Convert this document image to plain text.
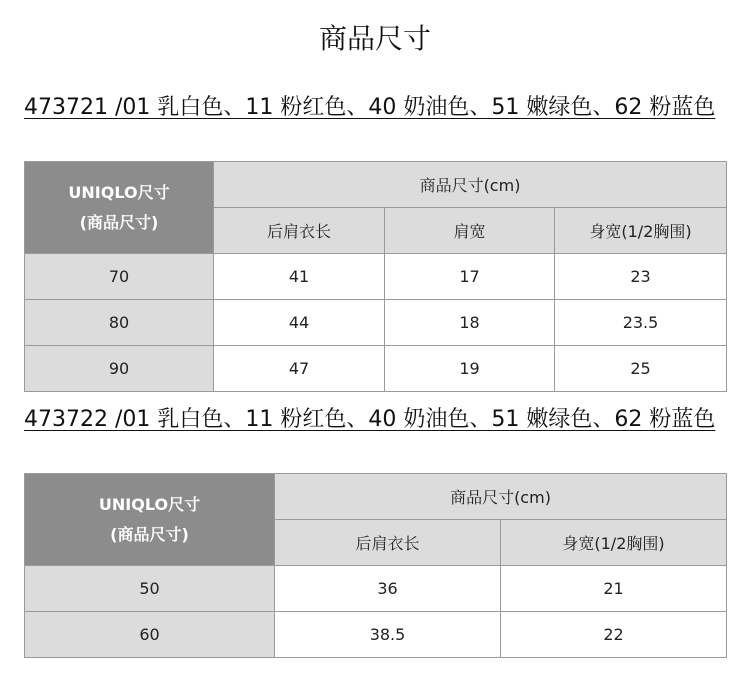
商品尺寸
473721 /01 乳白色、11 粉红色、40 奶油色、51 嫩绿色、62 粉蓝色
UNIQLO尺寸
(商品尺寸)	商品尺寸(cm)		
	后肩衣长	肩宽	身宽(1/2胸围)
70	41	17	23
80	44	18	23.5
90	47	19	25
473722 /01 乳白色、11 粉红色、40 奶油色、51 嫩绿色、62 粉蓝色
UNIQLO尺寸
(商品尺寸)	商品尺寸(cm)	
	后肩衣长	身宽(1/2胸围)
50	36	21
60	38.5	22
